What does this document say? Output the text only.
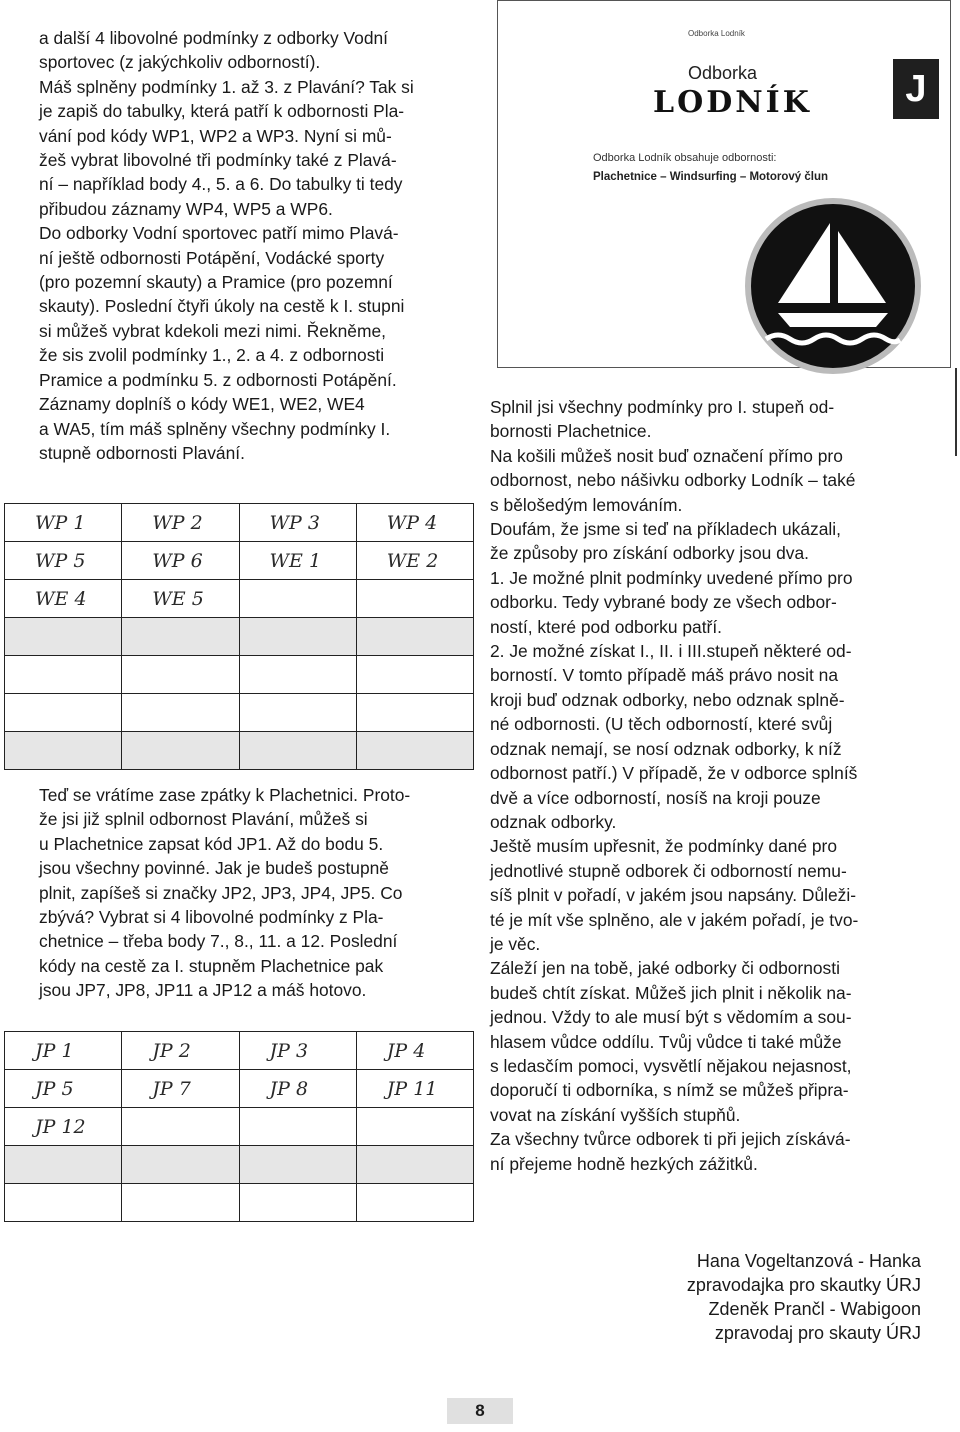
a další 4 libovolné podmínky z odborky Vodní

sportovec (z jakýchkoliv odborností).

Máš splněny podmínky 1. až 3. z Plavání? Tak si

je zapiš do tabulky, která patří k odbornosti Pla-

vání pod kódy WP1, WP2 a WP3. Nyní si mů-

žeš vybrat libovolné tři podmínky také z Plavá-

ní – například body 4., 5. a 6. Do tabulky ti tedy

přibudou záznamy WP4, WP5 a WP6.

Do odborky Vodní sportovec patří mimo Plavá-

ní ještě odbornosti Potápění, Vodácké sporty

(pro pozemní skauty) a Pramice (pro pozemní

skauty). Poslední čtyři úkoly na cestě k I. stupni

si můžeš vybrat kdekoli mezi nimi. Řekněme,

že sis zvolil podmínky 1., 2. a 4. z odbornosti

Pramice a podmínku 5. z odbornosti Potápění.

Záznamy doplníš o kódy WE1, WE2, WE4

a WA5, tím máš splněny všechny podmínky I.

stupně odbornosti Plavání.

WP 1	WP 2	WP 3	WP 4
WP 5	WP 6	WE 1	WE 2
WE 4	WE 5		

Teď se vrátíme zase zpátky k Plachetnici. Proto-

že jsi již splnil odbornost Plavání, můžeš si

u Plachetnice zapsat kód JP1. Až do bodu 5.

jsou všechny povinné. Jak je budeš postupně

plnit, zapíšeš si značky JP2, JP3, JP4, JP5. Co

zbývá? Vybrat si 4 libovolné podmínky z Pla-

chetnice – třeba body 7., 8., 11. a 12. Poslední

kódy na cestě za I. stupněm Plachetnice pak

jsou JP7, JP8, JP11 a JP12 a máš hotovo.

JP 1	JP 2	JP 3	JP 4
JP 5	JP 7	JP 8	JP 11
JP 12			

Odborka Lodník
Odborka
LODNÍK	J
Odborka Lodník obsahuje odbornosti:
Plachetnice – Windsurfing – Motorový člun

Splnil jsi všechny podmínky pro I. stupeň od-

bornosti Plachetnice.

Na košili můžeš nosit buď označení přímo pro

odbornost, nebo nášivku odborky Lodník – také

s bělošedým lemováním.

Doufám, že jsme si teď na příkladech ukázali,

že způsoby pro získání odborky jsou dva.

1. Je možné plnit podmínky uvedené přímo pro

odborku. Tedy vybrané body ze všech odbor-

ností, které pod odborku patří.

2. Je možné získat I., II. i III.stupeň některé od-

borností. V tomto případě máš právo nosit na

kroji buď odznak odborky, nebo odznak splně-

né odbornosti. (U těch odborností, které svůj

odznak nemají, se nosí odznak odborky, k níž

odbornost patří.) V případě, že v odborce splníš

dvě a více odborností, nosíš na kroji pouze

odznak odborky.

Ještě musím upřesnit, že podmínky dané pro

jednotlivé stupně odborek či odborností nemu-

síš plnit v pořadí, v jakém jsou napsány. Důleži-

té je mít vše splněno, ale v jakém pořadí, je tvo-

je věc.

Záleží jen na tobě, jaké odborky či odbornosti

budeš chtít získat. Můžeš jich plnit i několik na-

jednou. Vždy to ale musí být s vědomím a sou-

hlasem vůdce oddílu. Tvůj vůdce ti také může

s ledasčím pomoci, vysvětlí nějakou nejasnost,

doporučí ti odborníka, s nímž se můžeš připra-

vovat na získání vyšších stupňů.

Za všechny tvůrce odborek ti při jejich získává-

ní přejeme hodně hezkých zážitků.

Hana Vogeltanzová - Hanka

zpravodajka pro skautky ÚRJ

Zdeněk Prančl - Wabigoon

zpravodaj pro skauty ÚRJ

8
